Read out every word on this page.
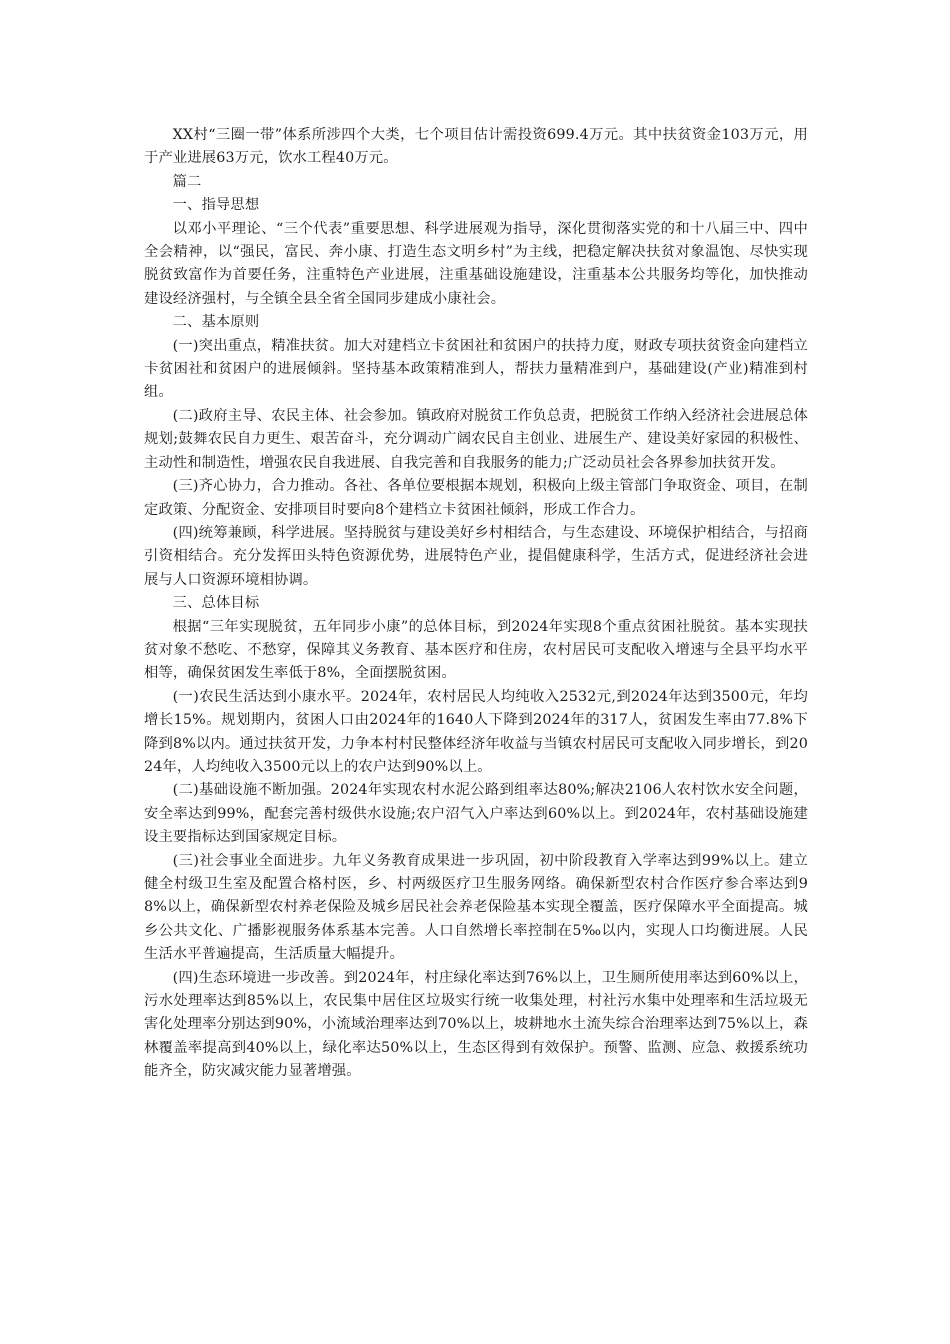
XX村“三圈一带”体系所涉四个大类，七个项目估计需投资699.4万元。其中扶贫资金103万元，用于产业进展63万元，饮水工程40万元。

篇二

一、指导思想

以邓小平理论、“三个代表”重要思想、科学进展观为指导，深化贯彻落实党的和十八届三中、四中全会精神，以“强民，富民、奔小康、打造生态文明乡村”为主线，把稳定解决扶贫对象温饱、尽快实现脱贫致富作为首要任务，注重特色产业进展，注重基础设施建设，注重基本公共服务均等化，加快推动建设经济强村，与全镇全县全省全国同步建成小康社会。

二、基本原则

(一)突出重点，精准扶贫。加大对建档立卡贫困社和贫困户的扶持力度，财政专项扶贫资金向建档立卡贫困社和贫困户的进展倾斜。坚持基本政策精准到人，帮扶力量精准到户，基础建设(产业)精准到村组。

(二)政府主导、农民主体、社会参加。镇政府对脱贫工作负总责，把脱贫工作纳入经济社会进展总体规划;鼓舞农民自力更生、艰苦奋斗，充分调动广阔农民自主创业、进展生产、建设美好家园的积极性、主动性和制造性，增强农民自我进展、自我完善和自我服务的能力;广泛动员社会各界参加扶贫开发。

(三)齐心协力，合力推动。各社、各单位要根据本规划，积极向上级主管部门争取资金、项目，在制定政策、分配资金、安排项目时要向8个建档立卡贫困社倾斜，形成工作合力。

(四)统筹兼顾，科学进展。坚持脱贫与建设美好乡村相结合，与生态建设、环境保护相结合，与招商引资相结合。充分发挥田头特色资源优势，进展特色产业，提倡健康科学，生活方式，促进经济社会进展与人口资源环境相协调。

三、总体目标

根据“三年实现脱贫，五年同步小康”的总体目标，到2024年实现8个重点贫困社脱贫。基本实现扶贫对象不愁吃、不愁穿，保障其义务教育、基本医疗和住房，农村居民可支配收入增速与全县平均水平相等，确保贫困发生率低于8%，全面摆脱贫困。

(一)农民生活达到小康水平。2024年，农村居民人均纯收入2532元,到2024年达到3500元，年均增长15%。规划期内，贫困人口由2024年的1640人下降到2024年的317人，贫困发生率由77.8%下降到8%以内。通过扶贫开发，力争本村村民整体经济年收益与当镇农村居民可支配收入同步增长，到2024年，人均纯收入3500元以上的农户达到90%以上。

(二)基础设施不断加强。2024年实现农村水泥公路到组率达80%;解决2106人农村饮水安全问题，安全率达到99%，配套完善村级供水设施;农户沼气入户率达到60%以上。到2024年，农村基础设施建设主要指标达到国家规定目标。

(三)社会事业全面进步。九年义务教育成果进一步巩固，初中阶段教育入学率达到99%以上。建立健全村级卫生室及配置合格村医，乡、村两级医疗卫生服务网络。确保新型农村合作医疗参合率达到98%以上，确保新型农村养老保险及城乡居民社会养老保险基本实现全覆盖，医疗保障水平全面提高。城乡公共文化、广播影视服务体系基本完善。人口自然增长率控制在5‰以内，实现人口均衡进展。人民生活水平普遍提高，生活质量大幅提升。

(四)生态环境进一步改善。到2024年，村庄绿化率达到76%以上，卫生厕所使用率达到60%以上，污水处理率达到85%以上，农民集中居住区垃圾实行统一收集处理，村社污水集中处理率和生活垃圾无害化处理率分别达到90%，小流域治理率达到70%以上，坡耕地水土流失综合治理率达到75%以上，森林覆盖率提高到40%以上，绿化率达50%以上，生态区得到有效保护。预警、监测、应急、救援系统功能齐全，防灾减灾能力显著增强。
